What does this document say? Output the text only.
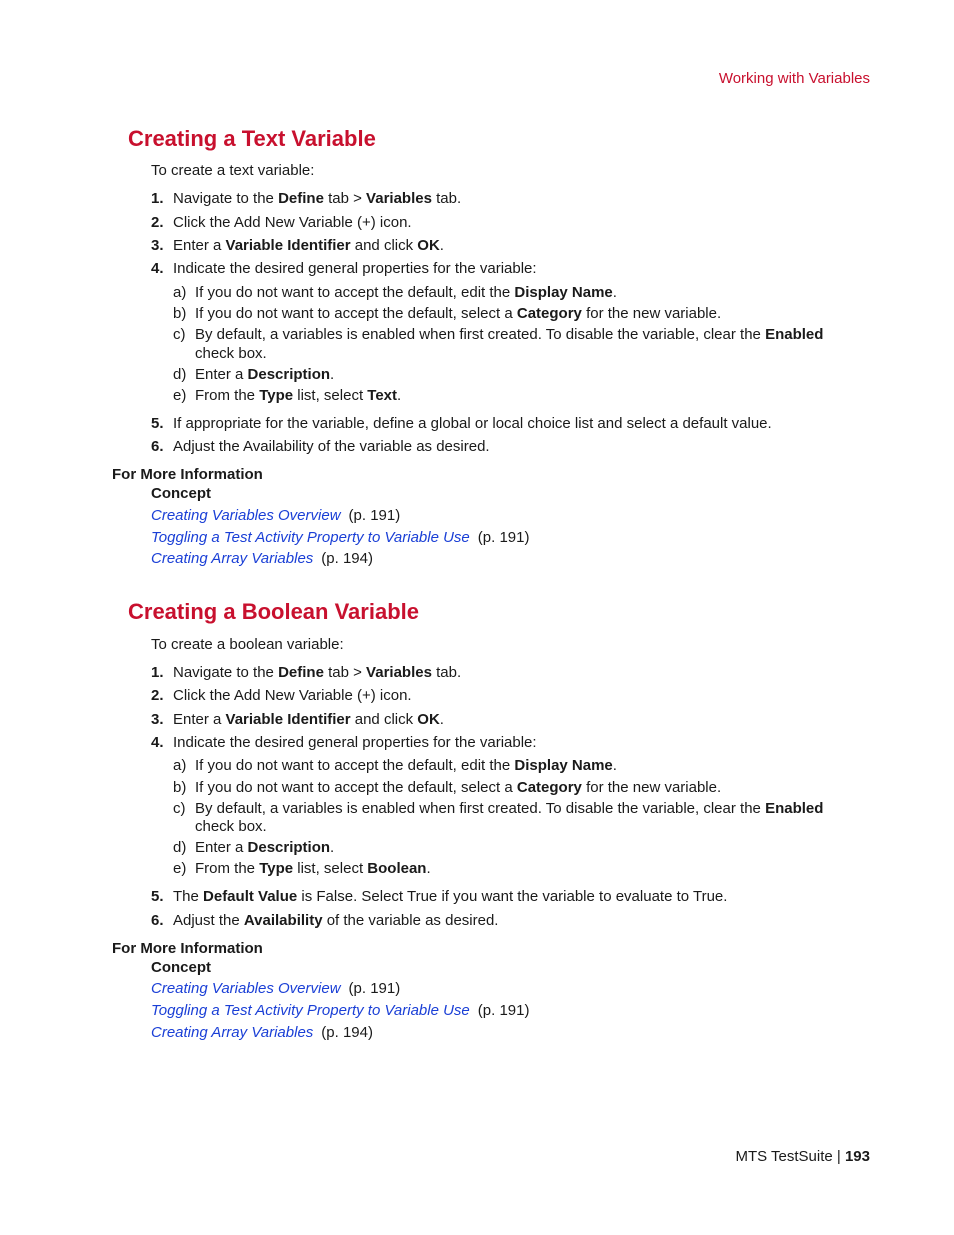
Working with Variables
Creating a Text Variable
To create a text variable:
1. Navigate to the Define tab > Variables tab.
2. Click the Add New Variable (+) icon.
3. Enter a Variable Identifier and click OK.
4. Indicate the desired general properties for the variable:
a) If you do not want to accept the default, edit the Display Name.
b) If you do not want to accept the default, select a Category for the new variable.
c) By default, a variables is enabled when first created. To disable the variable, clear the Enabled
check box.
d) Enter a Description.
e) From the Type list, select Text.
5. If appropriate for the variable, define a global or local choice list and select a default value.
6. Adjust the Availability of the variable as desired.
For More Information
Concept
Creating Variables Overview (p. 191)
Toggling a Test Activity Property to Variable Use (p. 191)
Creating Array Variables (p. 194)
Creating a Boolean Variable
To create a boolean variable:
1. Navigate to the Define tab > Variables tab.
2. Click the Add New Variable (+) icon.
3. Enter a Variable Identifier and click OK.
4. Indicate the desired general properties for the variable:
a) If you do not want to accept the default, edit the Display Name.
b) If you do not want to accept the default, select a Category for the new variable.
c) By default, a variables is enabled when first created. To disable the variable, clear the Enabled
check box.
d) Enter a Description.
e) From the Type list, select Boolean.
5. The Default Value is False. Select True if you want the variable to evaluate to True.
6. Adjust the Availability of the variable as desired.
For More Information
Concept
Creating Variables Overview (p. 191)
Toggling a Test Activity Property to Variable Use (p. 191)
Creating Array Variables (p. 194)
MTS TestSuite | 193
